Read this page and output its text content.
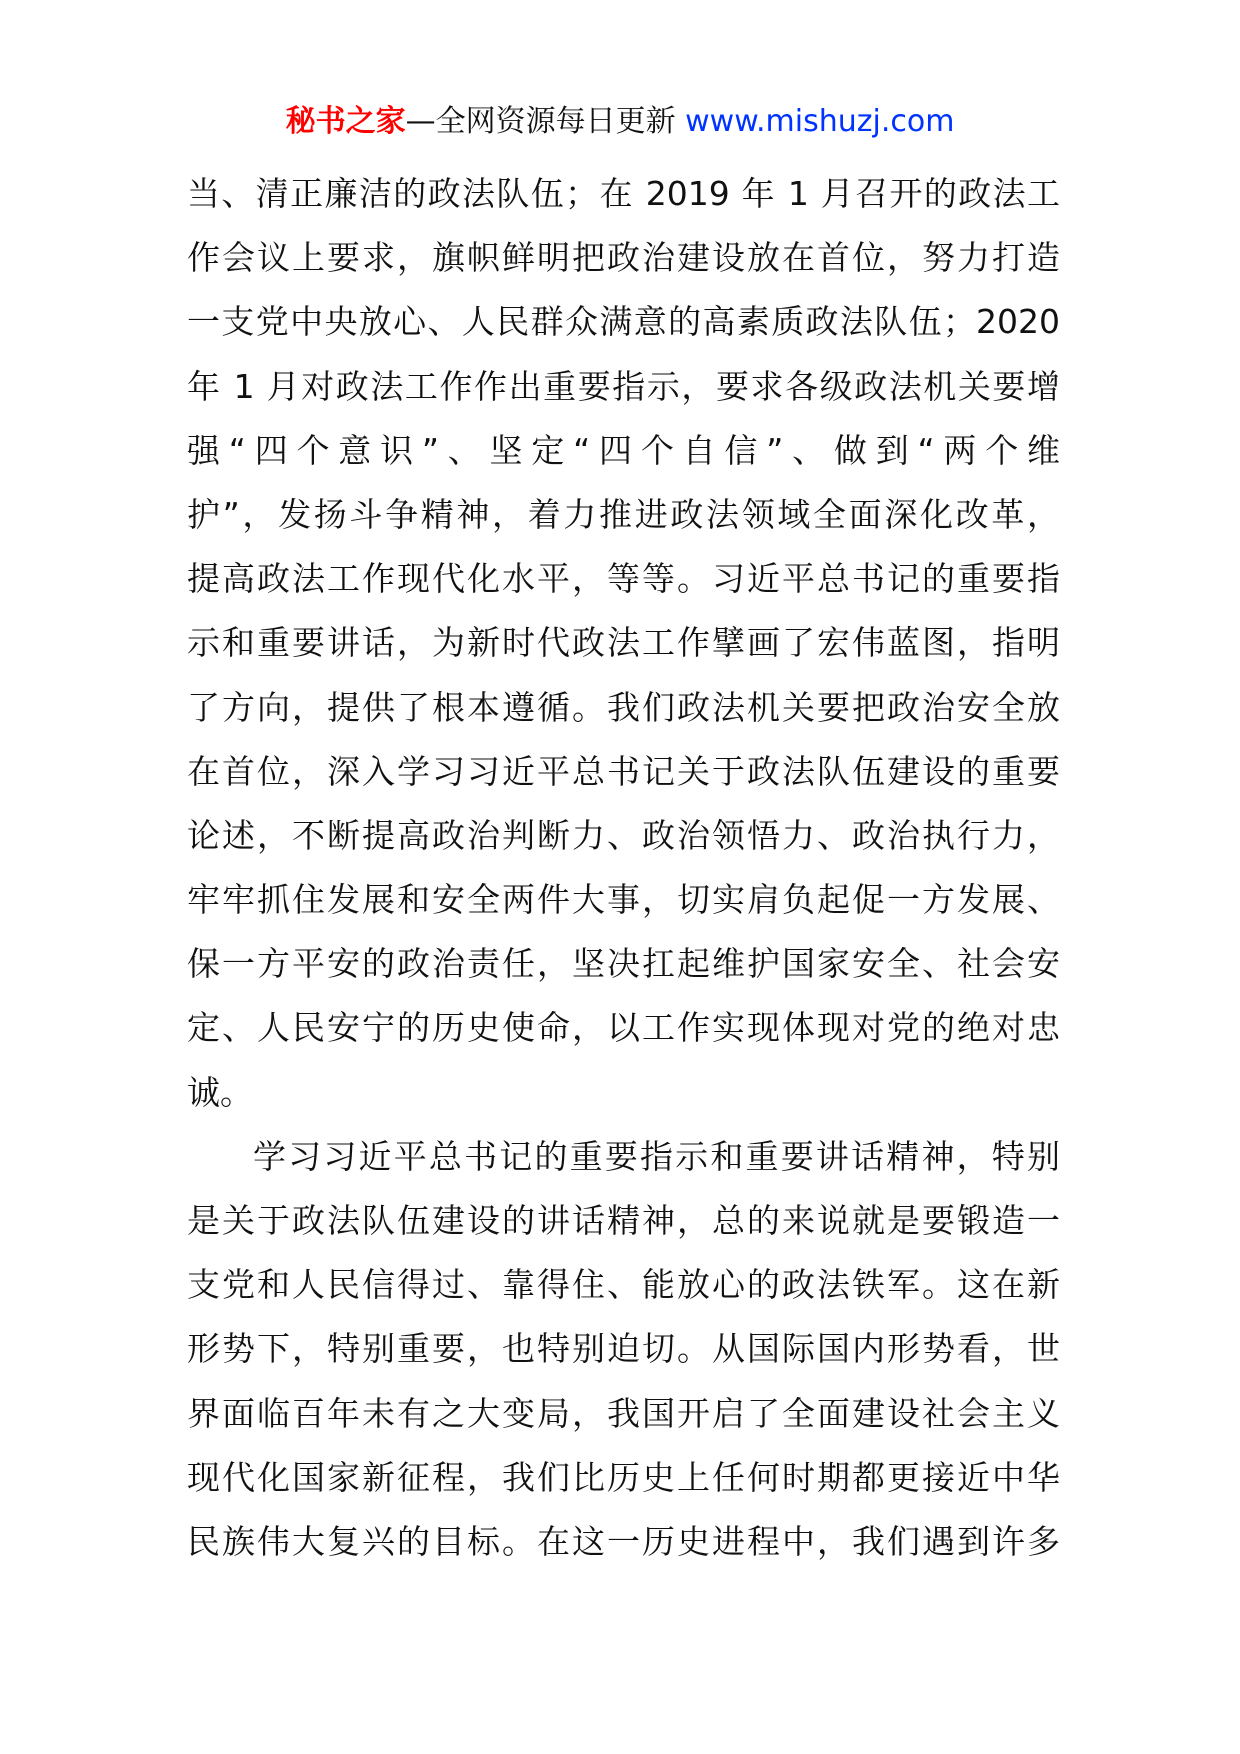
秘书之家—全网资源每日更新 www.mishuzj.com
当、清正廉洁的政法队伍；在 2019 年 1 月召开的政法工
作会议上要求，旗帜鲜明把政治建设放在首位，努力打造
一支党中央放心、人民群众满意的高素质政法队伍；2020
年 1 月对政法工作作出重要指示，要求各级政法机关要增
强“四个意识”、坚定“四个自信”、做到“两个维
护”，发扬斗争精神，着力推进政法领域全面深化改革，
提高政法工作现代化水平，等等。习近平总书记的重要指
示和重要讲话，为新时代政法工作擘画了宏伟蓝图，指明
了方向，提供了根本遵循。我们政法机关要把政治安全放
在首位，深入学习习近平总书记关于政法队伍建设的重要
论述，不断提高政治判断力、政治领悟力、政治执行力，
牢牢抓住发展和安全两件大事，切实肩负起促一方发展、
保一方平安的政治责任，坚决扛起维护国家安全、社会安
定、人民安宁的历史使命，以工作实现体现对党的绝对忠
诚。
学习习近平总书记的重要指示和重要讲话精神，特别
是关于政法队伍建设的讲话精神，总的来说就是要锻造一
支党和人民信得过、靠得住、能放心的政法铁军。这在新
形势下，特别重要，也特别迫切。从国际国内形势看，世
界面临百年未有之大变局，我国开启了全面建设社会主义
现代化国家新征程，我们比历史上任何时期都更接近中华
民族伟大复兴的目标。在这一历史进程中，我们遇到许多
